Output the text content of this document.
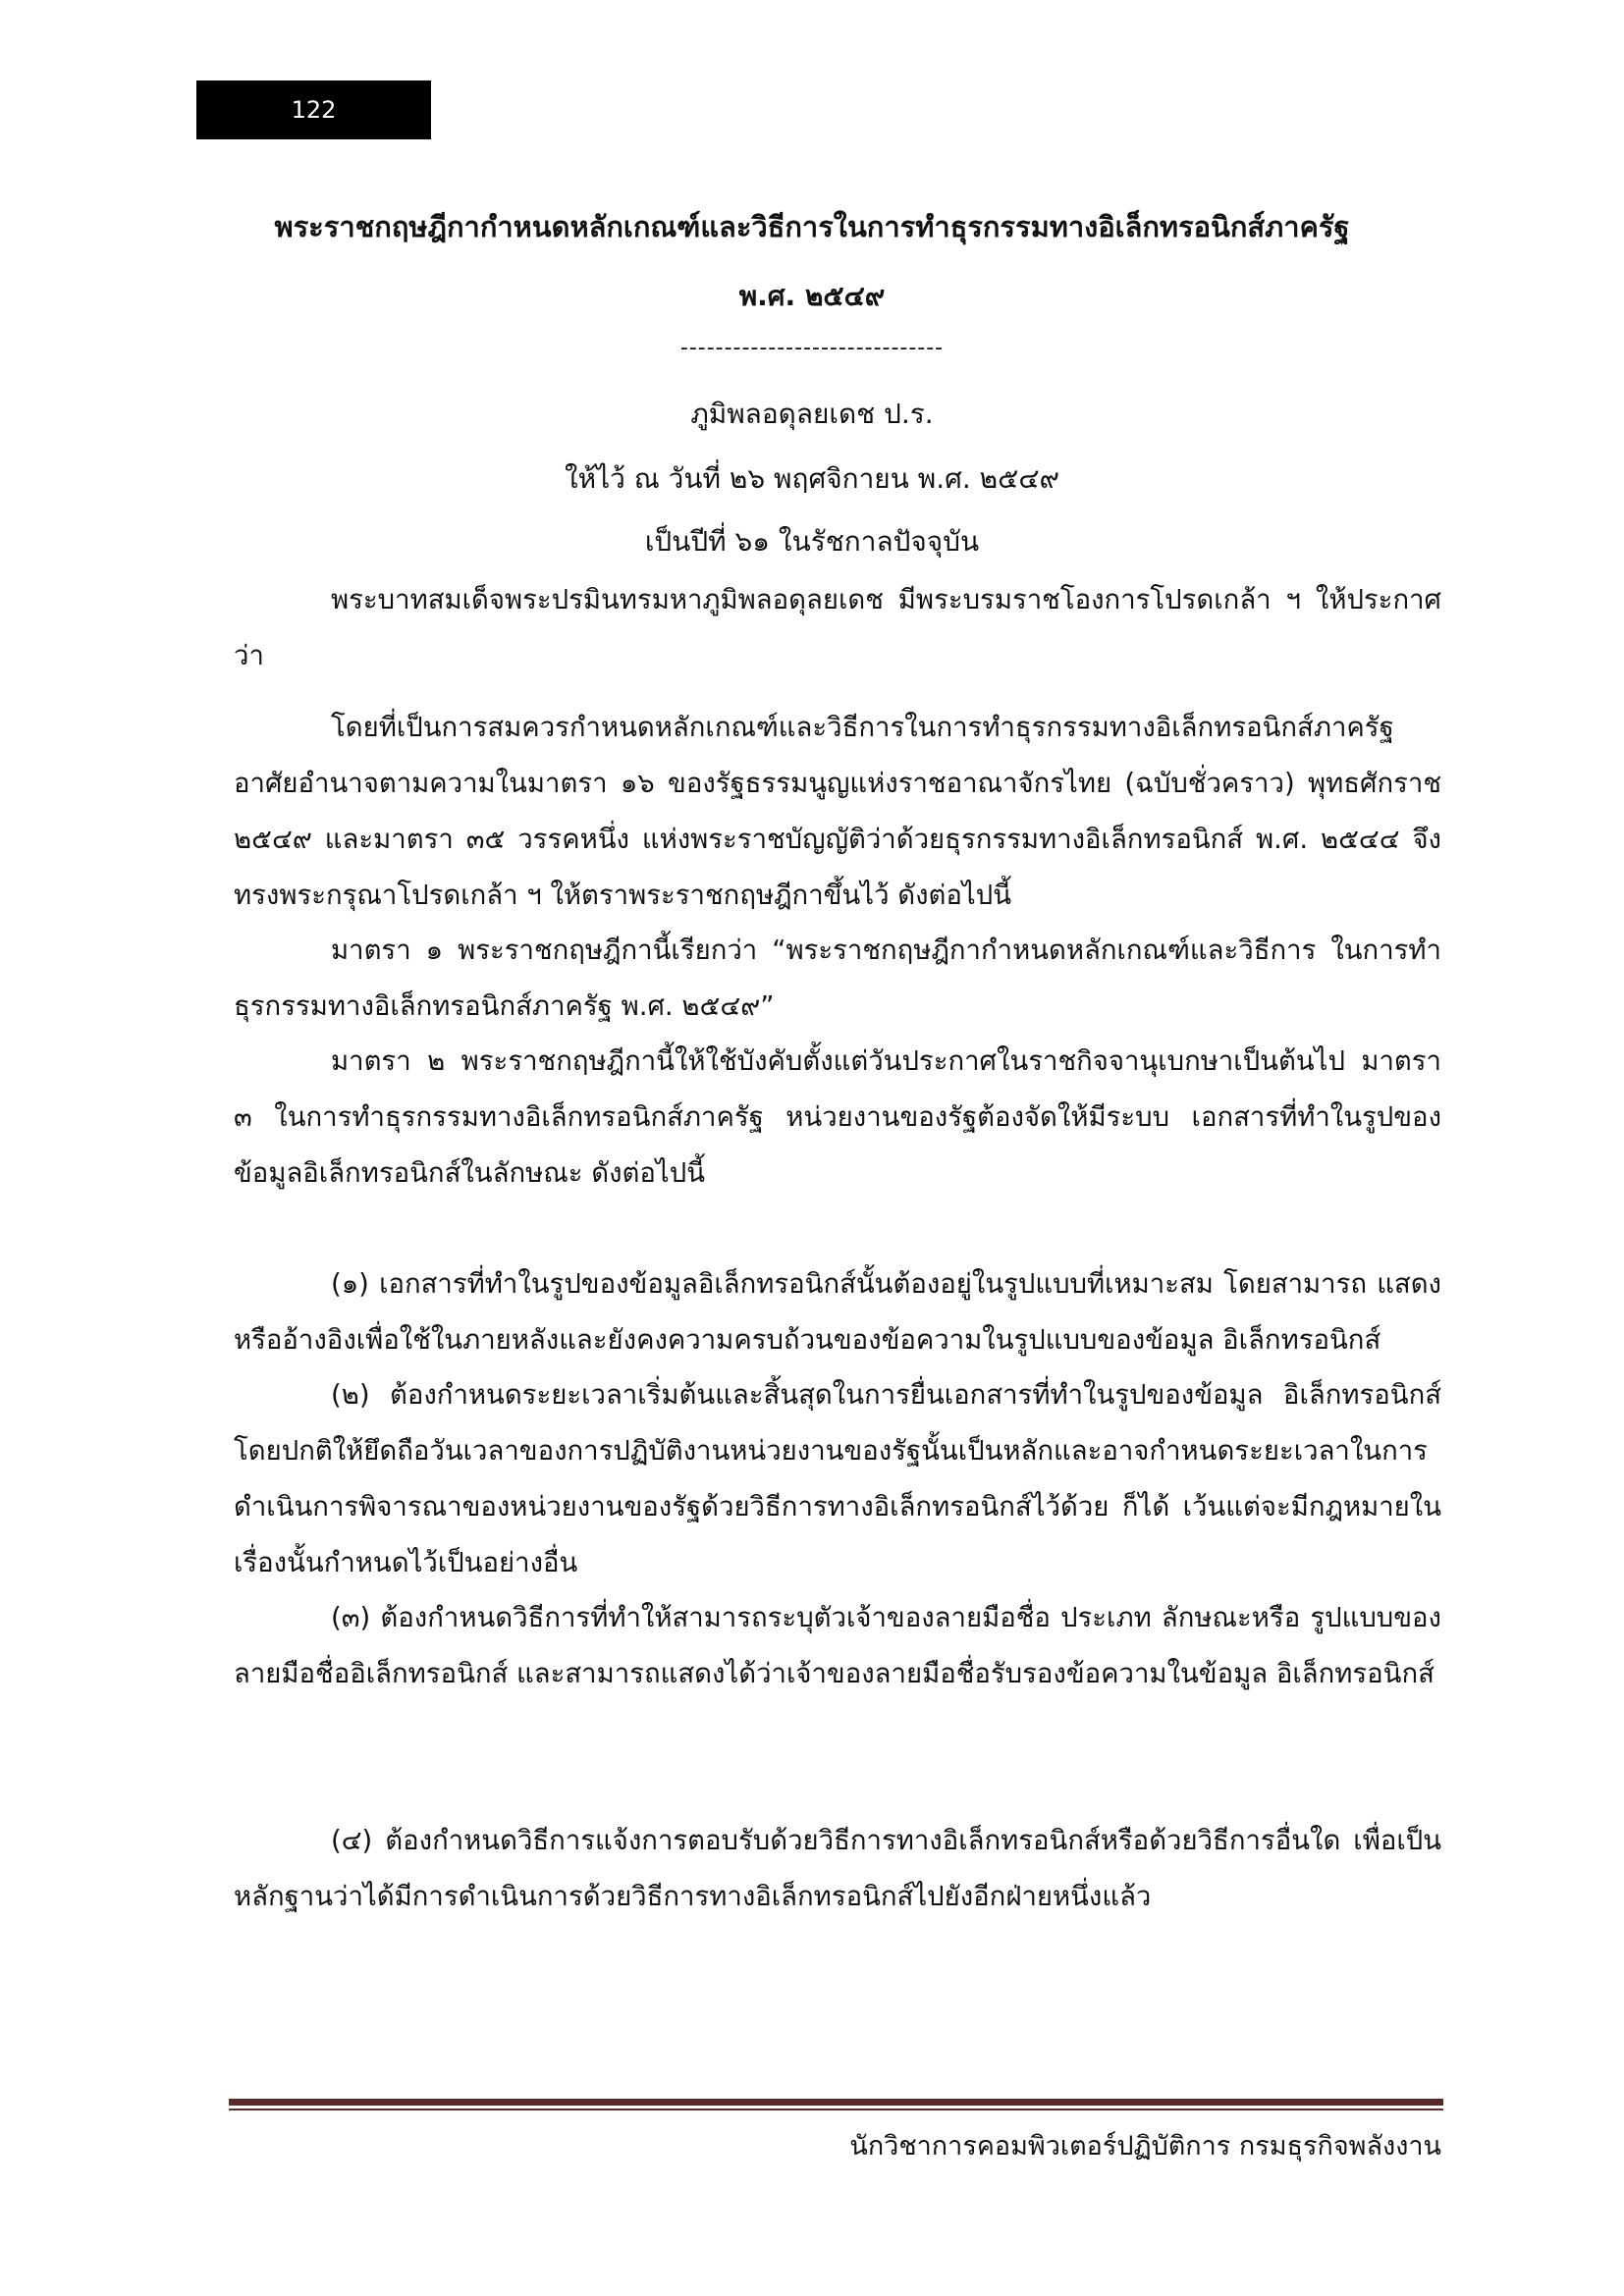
122
พระราชกฤษฎีกากำหนดหลักเกณฑ์และวิธีการในการทำธุรกรรมทางอิเล็กทรอนิกส์ภาครัฐ
พ.ศ. ๒๕๔๙
------------------------------
ภูมิพลอดุลยเดช ป.ร.
ให้ไว้ ณ วันที่ ๒๖ พฤศจิกายน พ.ศ. ๒๕๔๙
เป็นปีที่ ๖๑ ในรัชกาลปัจจุบัน

พระบาทสมเด็จพระปรมินทรมหาภูมิพลอดุลยเดช มีพระบรมราชโองการโปรดเกล้า ฯ ให้ประกาศว่า

โดยที่เป็นการสมควรกำหนดหลักเกณฑ์และวิธีการในการทำธุรกรรมทางอิเล็กทรอนิกส์ภาครัฐ อาศัยอำนาจตามความในมาตรา ๑๖ ของรัฐธรรมนูญแห่งราชอาณาจักรไทย (ฉบับชั่วคราว) พุทธศักราช ๒๕๔๙ และมาตรา ๓๕ วรรคหนึ่ง แห่งพระราชบัญญัติว่าด้วยธุรกรรมทางอิเล็กทรอนิกส์ พ.ศ. ๒๕๔๔ จึงทรงพระกรุณาโปรดเกล้า ฯ ให้ตราพระราชกฤษฎีกาขึ้นไว้ ดังต่อไปนี้

มาตรา ๑ พระราชกฤษฎีกานี้เรียกว่า “พระราชกฤษฎีกากำหนดหลักเกณฑ์และวิธีการ ในการทำธุรกรรมทางอิเล็กทรอนิกส์ภาครัฐ พ.ศ. ๒๕๔๙”

มาตรา ๒ พระราชกฤษฎีกานี้ให้ใช้บังคับตั้งแต่วันประกาศในราชกิจจานุเบกษาเป็นต้นไป มาตรา ๓ ในการทำธุรกรรมทางอิเล็กทรอนิกส์ภาครัฐ หน่วยงานของรัฐต้องจัดให้มีระบบ เอกสารที่ทำในรูปของข้อมูลอิเล็กทรอนิกส์ในลักษณะ ดังต่อไปนี้

(๑) เอกสารที่ทำในรูปของข้อมูลอิเล็กทรอนิกส์นั้นต้องอยู่ในรูปแบบที่เหมาะสม โดยสามารถ แสดงหรืออ้างอิงเพื่อใช้ในภายหลังและยังคงความครบถ้วนของข้อความในรูปแบบของข้อมูล อิเล็กทรอนิกส์

(๒) ต้องกำหนดระยะเวลาเริ่มต้นและสิ้นสุดในการยื่นเอกสารที่ทำในรูปของข้อมูล อิเล็กทรอนิกส์ โดยปกติให้ยึดถือวันเวลาของการปฏิบัติงานหน่วยงานของรัฐนั้นเป็นหลักและอาจกำหนดระยะเวลาในการดำเนินการพิจารณาของหน่วยงานของรัฐด้วยวิธีการทางอิเล็กทรอนิกส์ไว้ด้วย ก็ได้ เว้นแต่จะมีกฎหมายในเรื่องนั้นกำหนดไว้เป็นอย่างอื่น

(๓) ต้องกำหนดวิธีการที่ทำให้สามารถระบุตัวเจ้าของลายมือชื่อ ประเภท ลักษณะหรือ รูปแบบของลายมือชื่ออิเล็กทรอนิกส์ และสามารถแสดงได้ว่าเจ้าของลายมือชื่อรับรองข้อความในข้อมูล อิเล็กทรอนิกส์

(๔) ต้องกำหนดวิธีการแจ้งการตอบรับด้วยวิธีการทางอิเล็กทรอนิกส์หรือด้วยวิธีการอื่นใด เพื่อเป็นหลักฐานว่าได้มีการดำเนินการด้วยวิธีการทางอิเล็กทรอนิกส์ไปยังอีกฝ่ายหนึ่งแล้ว

นักวิชาการคอมพิวเตอร์ปฏิบัติการ กรมธุรกิจพลังงาน
